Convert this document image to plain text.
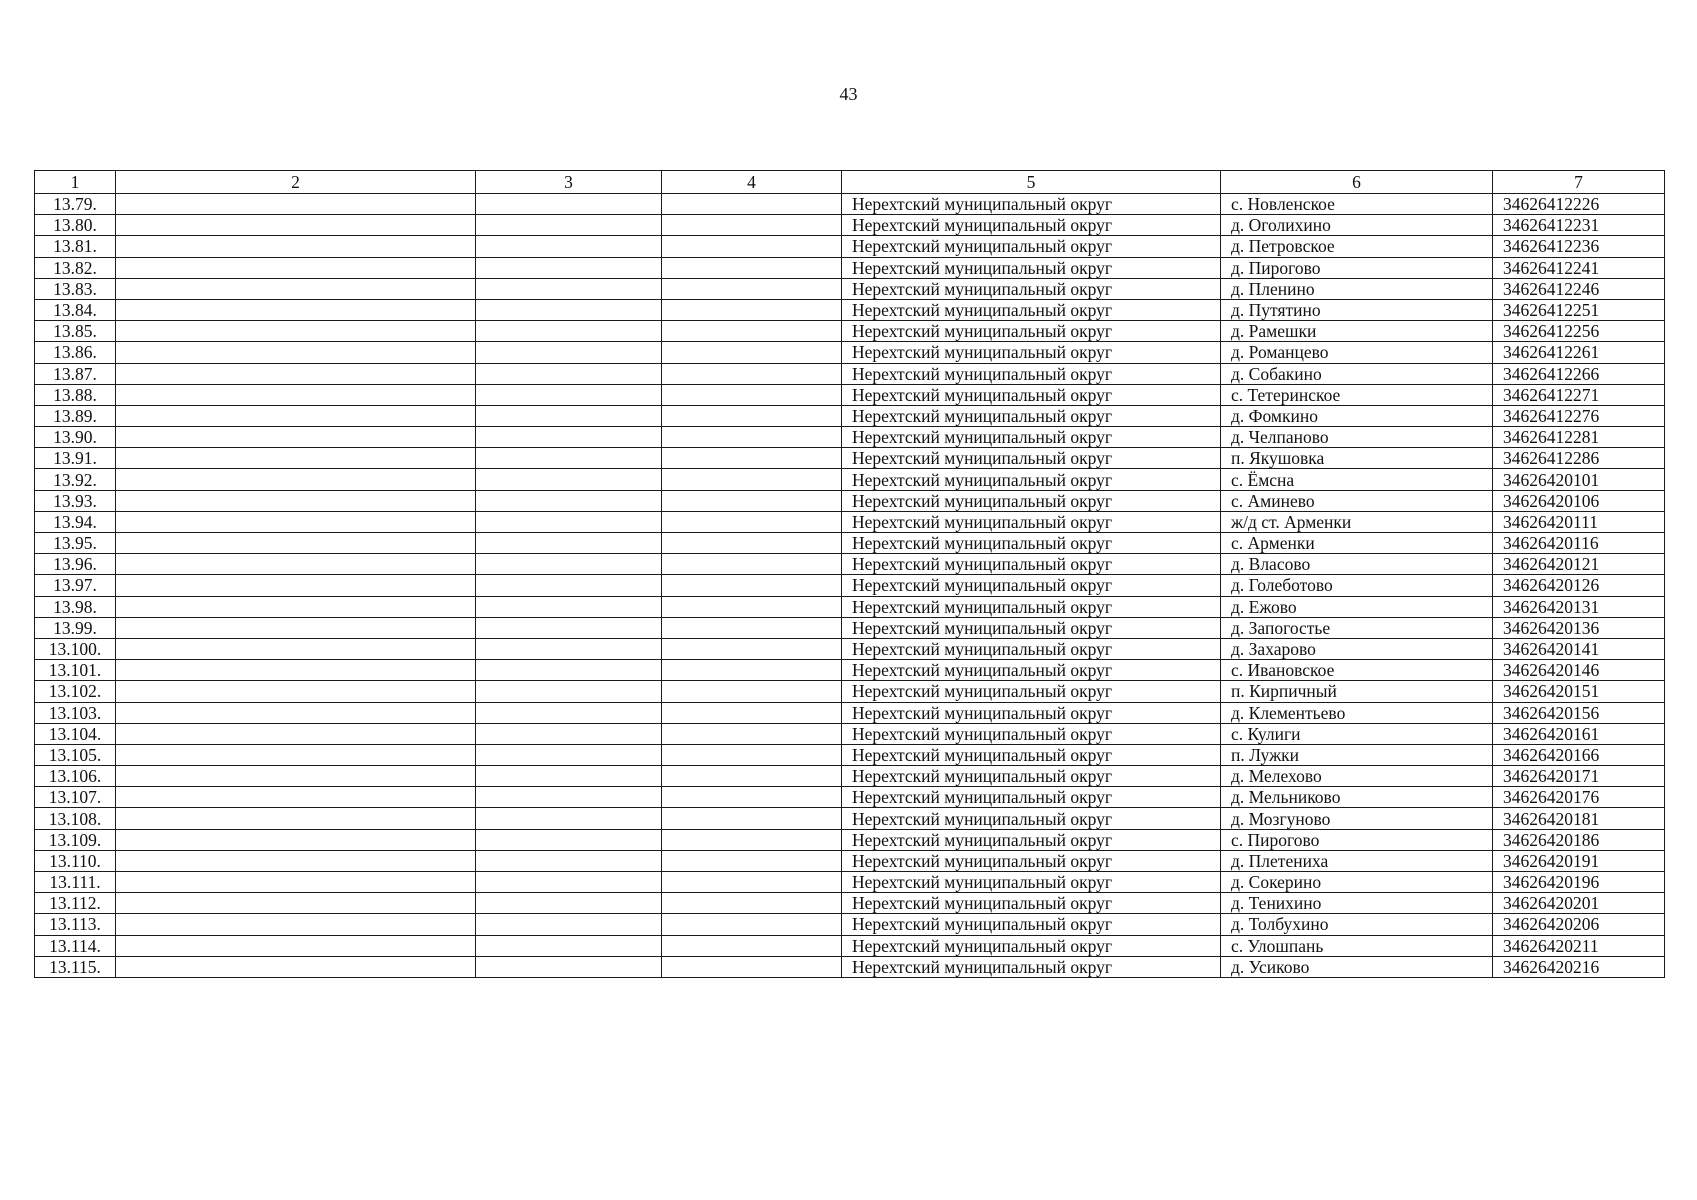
43
1	2	3	4	5	6	7
13.79.				Нерехтский муниципальный округ	с. Новленское	34626412226
13.80.				Нерехтский муниципальный округ	д. Оголихино	34626412231
13.81.				Нерехтский муниципальный округ	д. Петровское	34626412236
13.82.				Нерехтский муниципальный округ	д. Пирогово	34626412241
13.83.				Нерехтский муниципальный округ	д. Пленино	34626412246
13.84.				Нерехтский муниципальный округ	д. Путятино	34626412251
13.85.				Нерехтский муниципальный округ	д. Рамешки	34626412256
13.86.				Нерехтский муниципальный округ	д. Романцево	34626412261
13.87.				Нерехтский муниципальный округ	д. Собакино	34626412266
13.88.				Нерехтский муниципальный округ	с. Тетеринское	34626412271
13.89.				Нерехтский муниципальный округ	д. Фомкино	34626412276
13.90.				Нерехтский муниципальный округ	д. Челпаново	34626412281
13.91.				Нерехтский муниципальный округ	п. Якушовка	34626412286
13.92.				Нерехтский муниципальный округ	с. Ёмсна	34626420101
13.93.				Нерехтский муниципальный округ	с. Аминево	34626420106
13.94.				Нерехтский муниципальный округ	ж/д ст. Арменки	34626420111
13.95.				Нерехтский муниципальный округ	с. Арменки	34626420116
13.96.				Нерехтский муниципальный округ	д. Власово	34626420121
13.97.				Нерехтский муниципальный округ	д. Голеботово	34626420126
13.98.				Нерехтский муниципальный округ	д. Ежово	34626420131
13.99.				Нерехтский муниципальный округ	д. Запогостье	34626420136
13.100.				Нерехтский муниципальный округ	д. Захарово	34626420141
13.101.				Нерехтский муниципальный округ	с. Ивановское	34626420146
13.102.				Нерехтский муниципальный округ	п. Кирпичный	34626420151
13.103.				Нерехтский муниципальный округ	д. Клементьево	34626420156
13.104.				Нерехтский муниципальный округ	с. Кулиги	34626420161
13.105.				Нерехтский муниципальный округ	п. Лужки	34626420166
13.106.				Нерехтский муниципальный округ	д. Мелехово	34626420171
13.107.				Нерехтский муниципальный округ	д. Мельниково	34626420176
13.108.				Нерехтский муниципальный округ	д. Мозгуново	34626420181
13.109.				Нерехтский муниципальный округ	с. Пирогово	34626420186
13.110.				Нерехтский муниципальный округ	д. Плетениха	34626420191
13.111.				Нерехтский муниципальный округ	д. Сокерино	34626420196
13.112.				Нерехтский муниципальный округ	д. Тенихино	34626420201
13.113.				Нерехтский муниципальный округ	д. Толбухино	34626420206
13.114.				Нерехтский муниципальный округ	с. Улошпань	34626420211
13.115.				Нерехтский муниципальный округ	д. Усиково	34626420216
